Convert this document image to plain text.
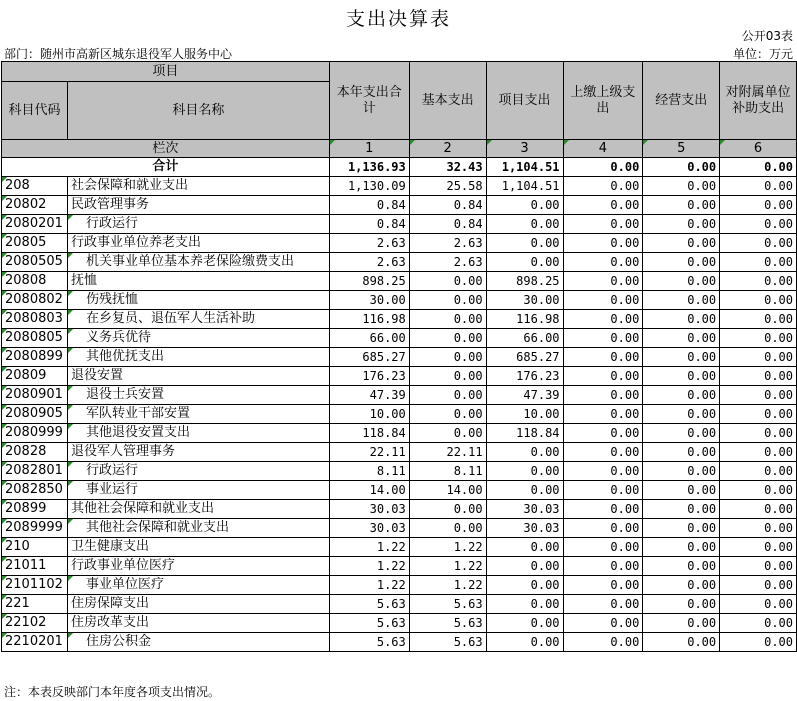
支出决算表
公开03表
部门：随州市高新区城东退役军人服务中心	单位：万元
项目		本年支出合计	基本支出	项目支出	上缴上级支出	经营支出	对附属单位补助支出
科目代码	科目名称						

栏次		1	2	3	4	5	6
合计		1,136.93	32.43	1,104.51	0.00	0.00	0.00
208	社会保障和就业支出	1,130.09	25.58	1,104.51	0.00	0.00	0.00
20802	民政管理事务	0.84	0.84	0.00	0.00	0.00	0.00
2080201	行政运行	0.84	0.84	0.00	0.00	0.00	0.00
20805	行政事业单位养老支出	2.63	2.63	0.00	0.00	0.00	0.00
2080505	机关事业单位基本养老保险缴费支出	2.63	2.63	0.00	0.00	0.00	0.00
20808	抚恤	898.25	0.00	898.25	0.00	0.00	0.00
2080802	伤残抚恤	30.00	0.00	30.00	0.00	0.00	0.00
2080803	在乡复员、退伍军人生活补助	116.98	0.00	116.98	0.00	0.00	0.00
2080805	义务兵优待	66.00	0.00	66.00	0.00	0.00	0.00
2080899	其他优抚支出	685.27	0.00	685.27	0.00	0.00	0.00
20809	退役安置	176.23	0.00	176.23	0.00	0.00	0.00
2080901	退役士兵安置	47.39	0.00	47.39	0.00	0.00	0.00
2080905	军队转业干部安置	10.00	0.00	10.00	0.00	0.00	0.00
2080999	其他退役安置支出	118.84	0.00	118.84	0.00	0.00	0.00
20828	退役军人管理事务	22.11	22.11	0.00	0.00	0.00	0.00
2082801	行政运行	8.11	8.11	0.00	0.00	0.00	0.00
2082850	事业运行	14.00	14.00	0.00	0.00	0.00	0.00
20899	其他社会保障和就业支出	30.03	0.00	30.03	0.00	0.00	0.00
2089999	其他社会保障和就业支出	30.03	0.00	30.03	0.00	0.00	0.00
210	卫生健康支出	1.22	1.22	0.00	0.00	0.00	0.00
21011	行政事业单位医疗	1.22	1.22	0.00	0.00	0.00	0.00
2101102	事业单位医疗	1.22	1.22	0.00	0.00	0.00	0.00
221	住房保障支出	5.63	5.63	0.00	0.00	0.00	0.00
22102	住房改革支出	5.63	5.63	0.00	0.00	0.00	0.00
2210201	住房公积金	5.63	5.63	0.00	0.00	0.00	0.00
注：本表反映部门本年度各项支出情况。
